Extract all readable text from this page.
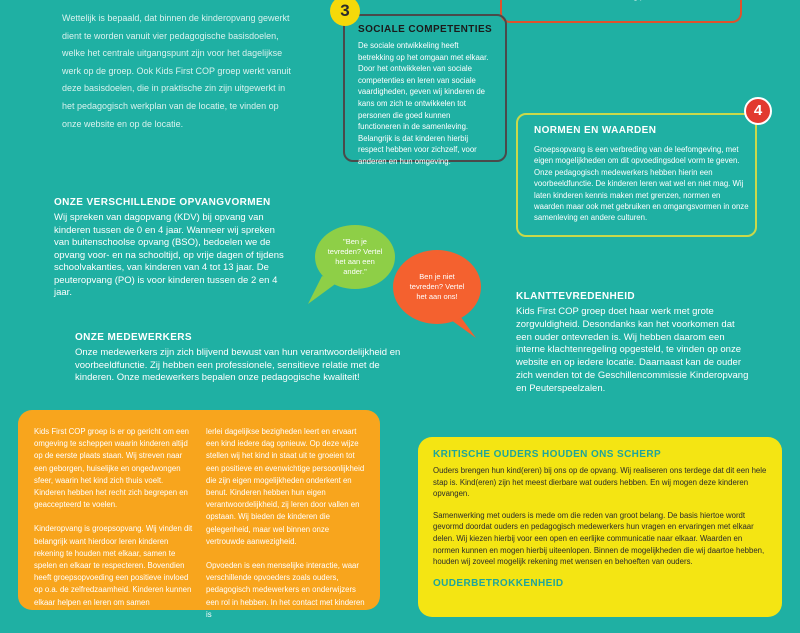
Wettelijk is bepaald, dat binnen de kinderopvang gewerkt dient te worden vanuit vier pedagogische basisdoelen, welke het centrale uitgangspunt zijn voor het dagelijkse werk op de groep. Ook Kids First COP groep werkt vanuit deze basisdoelen, die in praktische zin zijn uitgewerkt in het pedagogisch werkplan van de locatie, te vinden op onze website en op de locatie.
SOCIALE COMPETENTIES
De sociale ontwikkeling heeft betrekking op het omgaan met elkaar. Door het ontwikkelen van sociale competenties en leren van sociale vaardigheden, geven wij kinderen de kans om zich te ontwikkelen tot personen die goed kunnen functioneren in de samenleving. Belangrijk is dat kinderen hierbij respect hebben voor zichzelf, voor anderen en hun omgeving.
3
NORMEN EN WAARDEN
Groepsopvang is een verbreding van de leefomgeving, met eigen mogelijkheden om dit opvoedingsdoel vorm te geven. Onze pedagogisch medewerkers hebben hierin een voorbeeldfunctie. De kinderen leren wat wel en niet mag. Wij laten kinderen kennis maken met grenzen, normen en waarden maar ook met gebruiken en omgangsvormen in onze samenleving en andere culturen.
4
ONZE VERSCHILLENDE OPVANGVORMEN
Wij spreken van dagopvang (KDV) bij opvang van kinderen tussen de 0 en 4 jaar. Wanneer wij spreken van buitenschoolse opvang (BSO), bedoelen we de opvang voor- en na schooltijd, op vrije dagen of tijdens schoolvakanties, van kinderen van 4 tot 13 jaar. De peuteropvang (PO) is voor kinderen tussen de 2 en 4 jaar.
"Ben je tevreden? Vertel het aan een ander."
Ben je niet tevreden? Vertel het aan ons!
ONZE MEDEWERKERS
Onze medewerkers zijn zich blijvend bewust van hun verantwoordelijkheid en voorbeeldfunctie. Zij hebben een professionele, sensitieve relatie met de kinderen. Onze medewerkers bepalen onze pedagogische kwaliteit!
KLANTTEVREDENHEID
Kids First COP groep doet haar werk met grote zorgvuldigheid. Desondanks kan het voorkomen dat een ouder ontevreden is. Wij hebben daarom een interne klachtenregeling opgesteld, te vinden op onze website en op iedere locatie. Daarnaast kan de ouder zich wenden tot de Geschillencommissie Kinderopvang en Peuterspeelzalen.

Kids First COP groep is er op gericht om een omgeving te scheppen waarin kinderen altijd op de eerste plaats staan. Wij streven naar een geborgen, huiselijke en ongedwongen sfeer, waarin het kind zich thuis voelt. Kinderen hebben het recht zich begrepen en geaccepteerd te voelen.

Kinderopvang is groepsopvang. Wij vinden dit belangrijk want hierdoor leren kinderen rekening te houden met elkaar, samen te spelen en elkaar te respecteren. Bovendien heeft groepsopvoeding een positieve invloed op o.a. de zelfredzaamheid. Kinderen kunnen elkaar helpen en leren om samen

lerlei dagelijkse bezigheden leert en ervaart een kind iedere dag opnieuw. Op deze wijze stellen wij het kind in staat uit te groeien tot een positieve en evenwichtige persoonlijkheid die zijn eigen mogelijkheden onderkent en benut. Kinderen hebben hun eigen verantwoordelijkheid, zij leren door vallen en opstaan. Wij bieden de kinderen die gelegenheid, maar wel binnen onze vertrouwde aanwezigheid.

Opvoeden is een menselijke interactie, waar verschillende opvoeders zoals ouders, pedagogisch medewerkers en onderwijzers een rol in hebben. In het contact met kinderen is

KRITISCHE OUDERS HOUDEN ONS SCHERP
Ouders brengen hun kind(eren) bij ons op de opvang. Wij realiseren ons terdege dat dit een hele stap is. Kind(eren) zijn het meest dierbare wat ouders hebben. En wij mogen deze kinderen opvangen.
Samenwerking met ouders is mede om die reden van groot belang. De basis hiertoe wordt gevormd doordat ouders en pedagogisch medewerkers hun vragen en ervaringen met elkaar delen. Wij kiezen hierbij voor een open en eerlijke communicatie naar elkaar. Waarden en normen kunnen en mogen hierbij uiteenlopen. Binnen de mogelijkheden die wij daartoe hebben, houden wij zoveel mogelijk rekening met wensen en behoeften van ouders.
OUDERBETROKKENHEID
